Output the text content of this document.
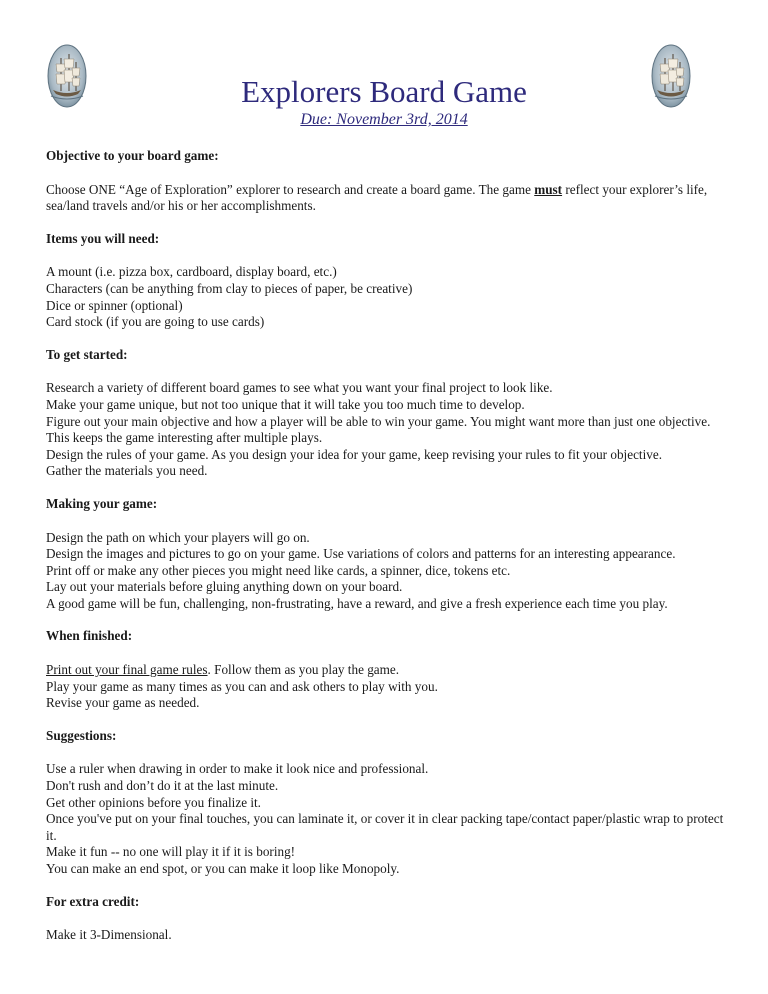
Explorers Board Game
Due: November 3rd, 2014

Objective to your board game:

Choose ONE “Age of Exploration” explorer to research and create a board game. The game must reflect your explorer’s life, sea/land travels and/or his or her accomplishments.

Items you will need:

A mount (i.e. pizza box, cardboard, display board, etc.)

Characters (can be anything from clay to pieces of paper, be creative)

Dice or spinner (optional)

Card stock (if you are going to use cards)

To get started:

Research a variety of different board games to see what you want your final project to look like.

Make your game unique, but not too unique that it will take you too much time to develop.

Figure out your main objective and how a player will be able to win your game. You might want more than just one objective. This keeps the game interesting after multiple plays.

Design the rules of your game. As you design your idea for your game, keep revising your rules to fit your objective.

Gather the materials you need.

Making your game:

Design the path on which your players will go on.

Design the images and pictures to go on your game. Use variations of colors and patterns for an interesting appearance.

Print off or make any other pieces you might need like cards, a spinner, dice, tokens etc.

Lay out your materials before gluing anything down on your board.

A good game will be fun, challenging, non-frustrating, have a reward, and give a fresh experience each time you play.

When finished:

Print out your final game rules. Follow them as you play the game.

Play your game as many times as you can and ask others to play with you.

Revise your game as needed.

Suggestions:

Use a ruler when drawing in order to make it look nice and professional.

Don't rush and don’t do it at the last minute.

Get other opinions before you finalize it.

Once you've put on your final touches, you can laminate it, or cover it in clear packing tape/contact paper/plastic wrap to protect it.

Make it fun -- no one will play it if it is boring!

You can make an end spot, or you can make it loop like Monopoly.

For extra credit:

Make it 3-Dimensional.
